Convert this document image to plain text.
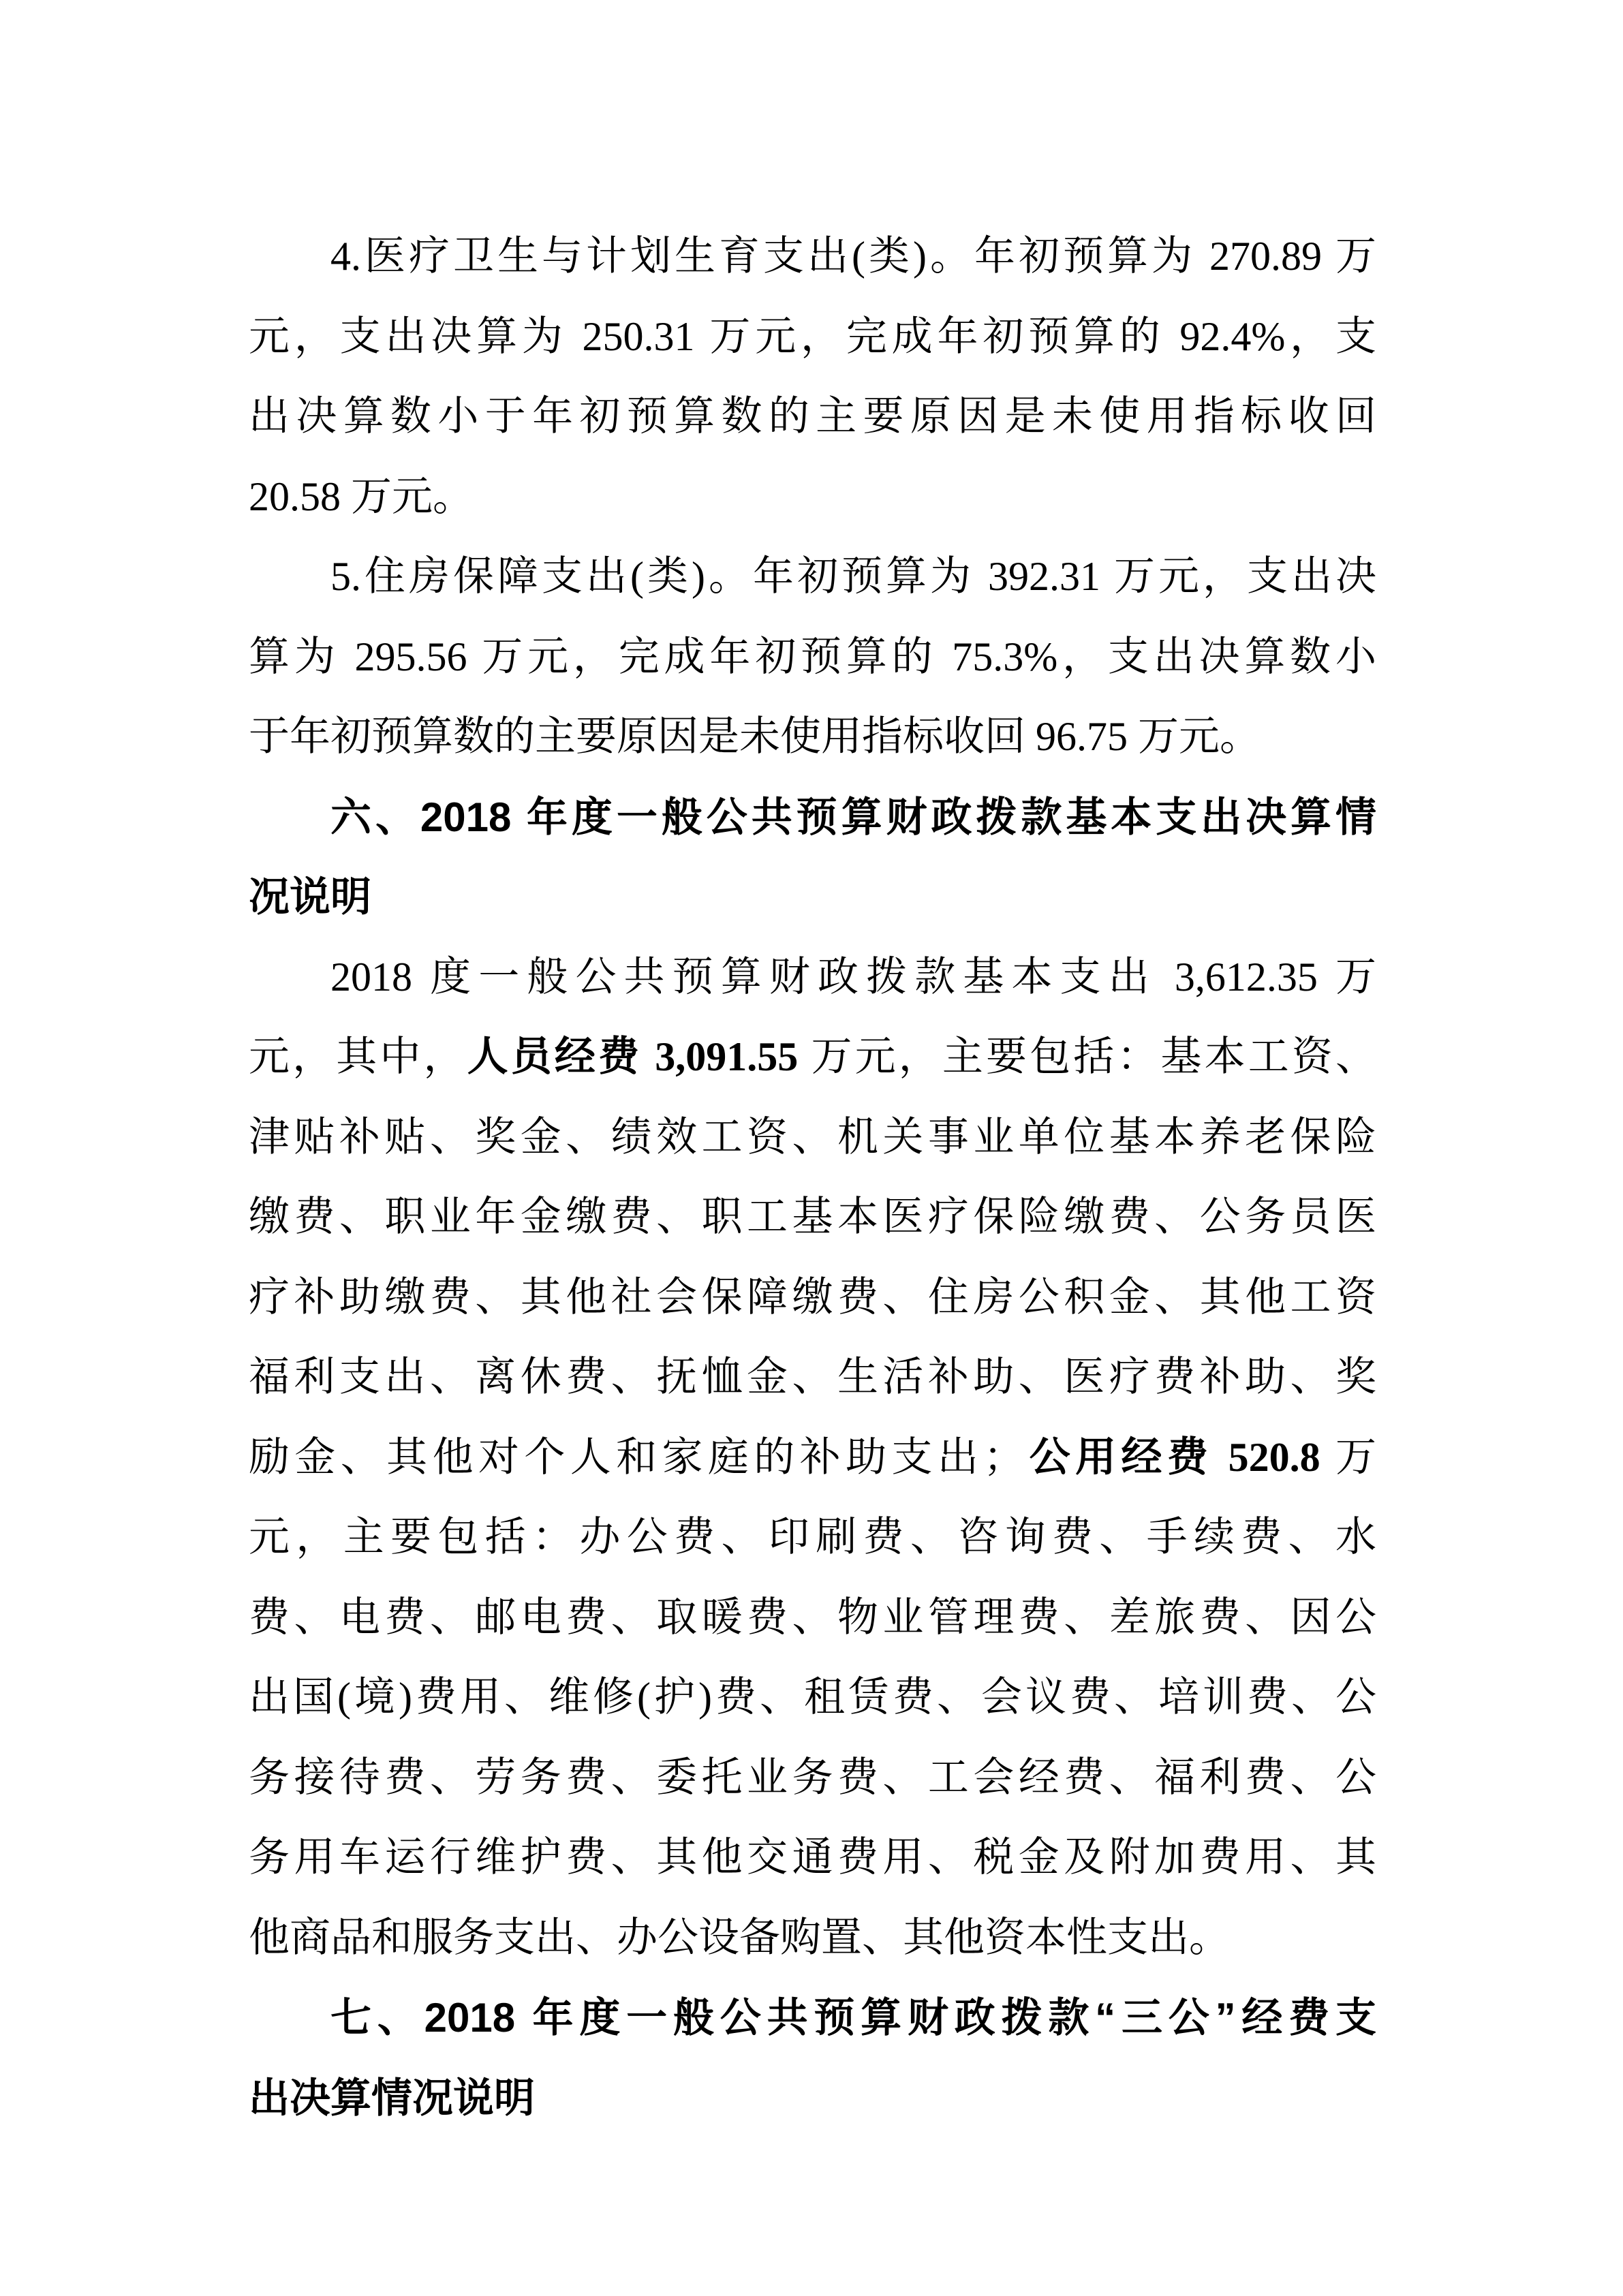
4.医疗卫生与计划生育支出(类)。年初预算为 270.89 万
元，支出决算为 250.31 万元，完成年初预算的 92.4%，支
出决算数小于年初预算数的主要原因是未使用指标收回
20.58 万元。
5.住房保障支出(类)。年初预算为 392.31 万元，支出决
算为 295.56 万元，完成年初预算的 75.3%，支出决算数小
于年初预算数的主要原因是未使用指标收回 96.75 万元。
六、2018 年度一般公共预算财政拨款基本支出决算情
况说明
2018 度一般公共预算财政拨款基本支出 3,612.35 万
元，其中，人员经费 3,091.55 万元，主要包括：基本工资、
津贴补贴、奖金、绩效工资、机关事业单位基本养老保险
缴费、职业年金缴费、职工基本医疗保险缴费、公务员医
疗补助缴费、其他社会保障缴费、住房公积金、其他工资
福利支出、离休费、抚恤金、生活补助、医疗费补助、奖
励金、其他对个人和家庭的补助支出；公用经费 520.8 万
元，主要包括：办公费、印刷费、咨询费、手续费、水
费、电费、邮电费、取暖费、物业管理费、差旅费、因公
出国(境)费用、维修(护)费、租赁费、会议费、培训费、公
务接待费、劳务费、委托业务费、工会经费、福利费、公
务用车运行维护费、其他交通费用、税金及附加费用、其
他商品和服务支出、办公设备购置、其他资本性支出。
七、2018 年度一般公共预算财政拨款“三公”经费支
出决算情况说明
